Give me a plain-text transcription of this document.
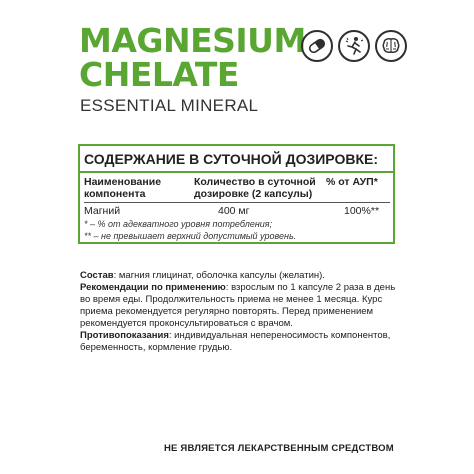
MAGNESIUM
CHELATE
ESSENTIAL MINERAL
СОДЕРЖАНИЕ В СУТОЧНОЙ ДОЗИРОВКЕ:
Наименование компонента
Количество в суточной дозировке (2 капсулы)
% от АУП*
Магний	400 мг	100%**
* – % от адекватного уровня потребления;
** – не превышает верхний допустимый уровень.

Состав: магния глицинат, оболочка капсулы (желатин).

Рекомендации по применению: взрослым по 1 капсуле 2 раза в день во время еды. Продолжительность приема не менее 1 месяца. Курс приема рекомендуется регулярно повторять. Перед применением рекомендуется проконсультироваться с врачом.

Противопоказания: индивидуальная непереносимость компонентов, беременность, кормление грудью.

НЕ ЯВЛЯЕТСЯ ЛЕКАРСТВЕННЫМ СРЕДСТВОМ
